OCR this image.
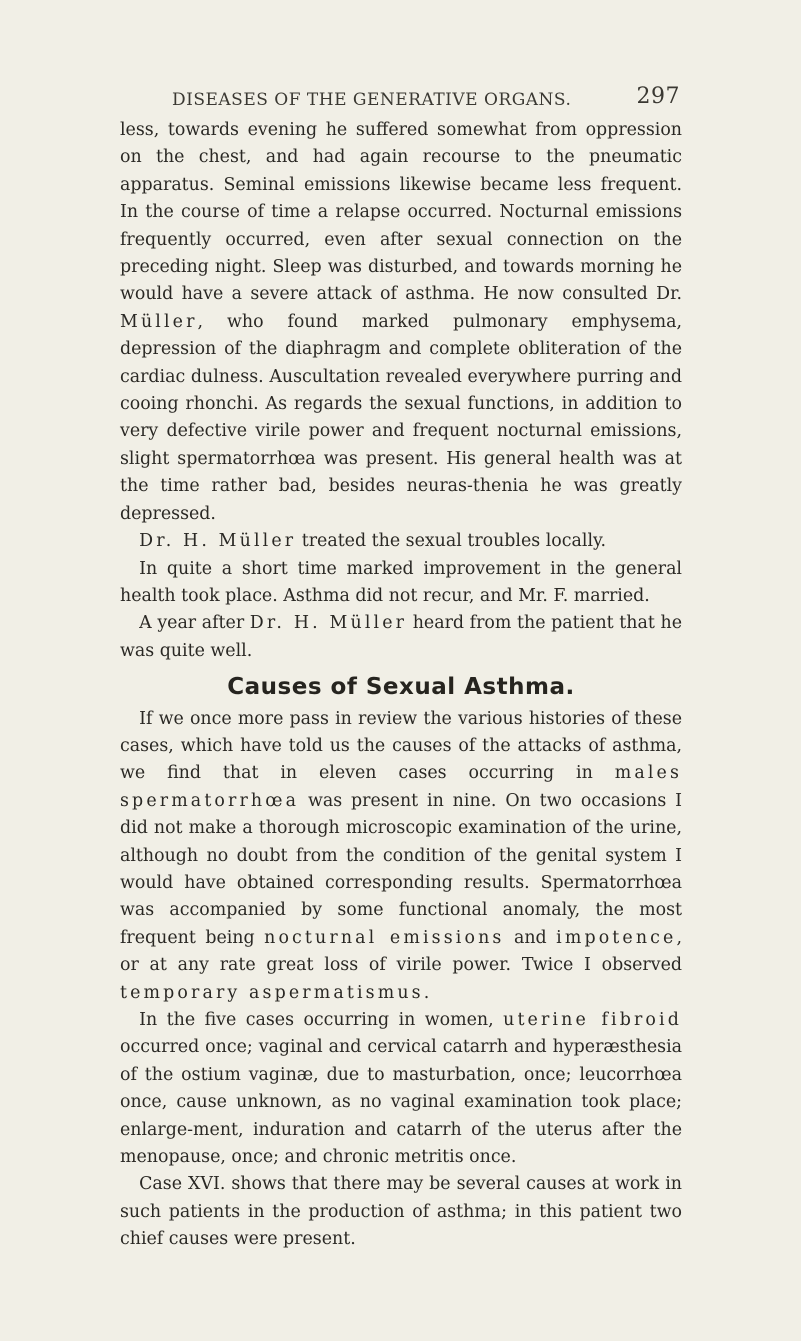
DISEASES OF THE GENERATIVE ORGANS.	297

less, towards evening he suffered somewhat from oppression on the chest, and had again recourse to the pneumatic apparatus. Seminal emissions likewise became less frequent. In the course of time a relapse occurred. Nocturnal emissions frequently occurred, even after sexual connection on the preceding night. Sleep was disturbed, and towards morning he would have a severe attack of asthma. He now consulted Dr. Müller, who found marked pulmonary emphysema, depression of the diaphragm and complete obliteration of the cardiac dulness. Auscultation revealed everywhere purring and cooing rhonchi. As regards the sexual functions, in addition to very defective virile power and frequent nocturnal emissions, slight spermatorrhœa was present. His general health was at the time rather bad, besides neuras-thenia he was greatly depressed.

Dr. H. Müller treated the sexual troubles locally.

In quite a short time marked improvement in the general health took place. Asthma did not recur, and Mr. F. married.

A year after Dr. H. Müller heard from the patient that he was quite well.

Causes of Sexual Asthma.

If we once more pass in review the various histories of these cases, which have told us the causes of the attacks of asthma, we find that in eleven cases occurring in males spermatorrhœa was present in nine. On two occasions I did not make a thorough microscopic examination of the urine, although no doubt from the condition of the genital system I would have obtained corresponding results. Spermatorrhœa was accompanied by some functional anomaly, the most frequent being nocturnal emissions and impotence, or at any rate great loss of virile power. Twice I observed temporary aspermatismus.

In the five cases occurring in women, uterine fibroid occurred once; vaginal and cervical catarrh and hyperæsthesia of the ostium vaginæ, due to masturbation, once; leucorrhœa once, cause unknown, as no vaginal examination took place; enlarge-ment, induration and catarrh of the uterus after the menopause, once; and chronic metritis once.

Case XVI. shows that there may be several causes at work in such patients in the production of asthma; in this patient two chief causes were present.
